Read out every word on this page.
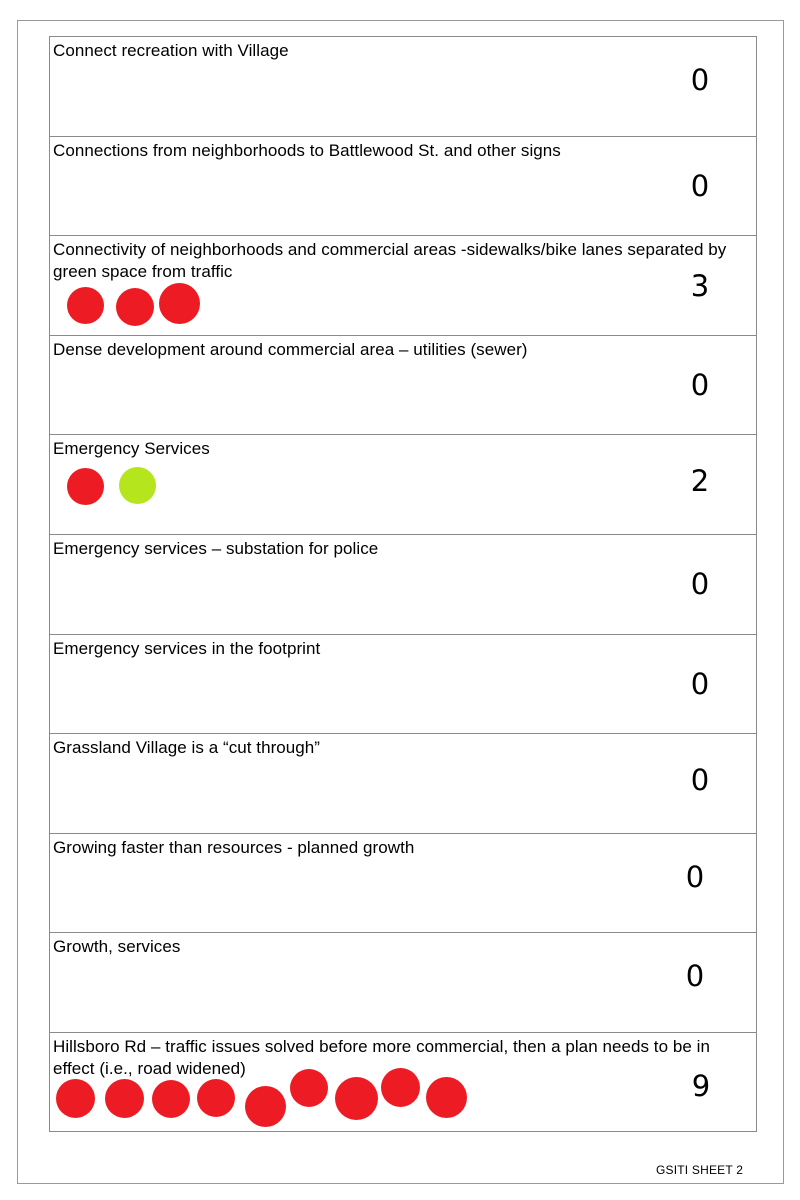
Connect recreation with Village
0
Connections from neighborhoods to Battlewood St. and other signs
0
Connectivity of neighborhoods and commercial areas -sidewalks/bike lanes separated by green space from traffic	3
Dense development around commercial area – utilities (sewer)
0
Emergency Services
2
Emergency services – substation for police
0
Emergency services in the footprint
0
Grassland Village is a “cut through”
0
Growing faster than resources - planned growth
0
Growth, services
0
Hillsboro Rd – traffic issues solved before more commercial, then a plan needs to be in effect (i.e., road widened)
9
GSITI SHEET 2
